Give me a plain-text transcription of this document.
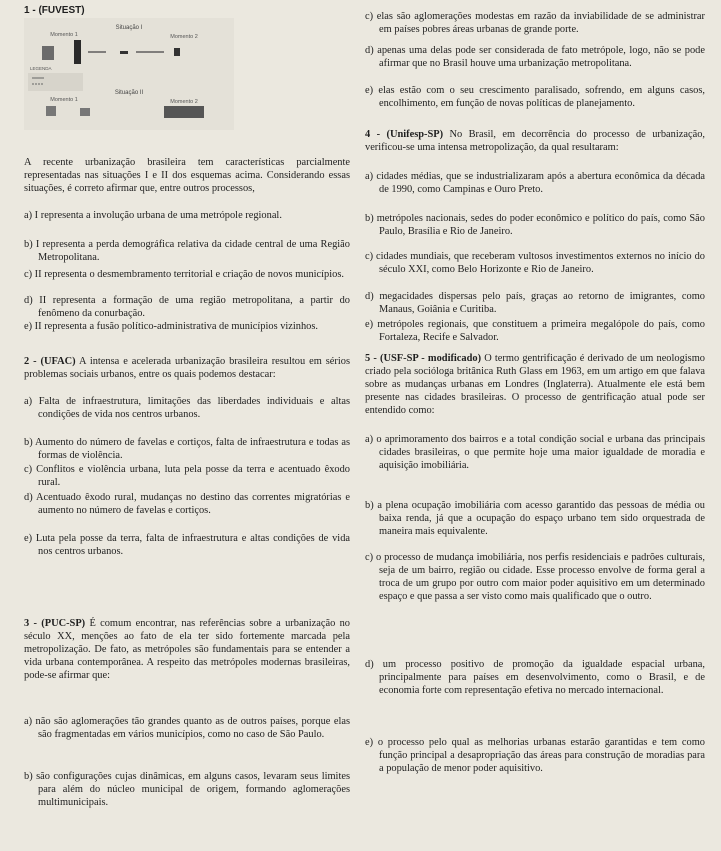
1 - (FUVEST)
Situação I
Momento 1	Momento 2
LEGENDA
Situação II
Momento 1	Momento 2
A recente urbanização brasileira tem características parcialmente representadas nas situações I e II dos esquemas acima. Considerando essas situações, é correto afirmar que, entre outros processos,
a) I representa a involução urbana de uma metrópole regional.
b) I representa a perda demográfica relativa da cidade central de uma Região Metropolitana.
c) II representa o desmembramento territorial e criação de novos municípios.
d) II representa a formação de uma região metropolitana, a partir do fenômeno da conurbação.
e) II representa a fusão político-administrativa de municípios vizinhos.
2 - (UFAC) A intensa e acelerada urbanização brasileira resultou em sérios problemas sociais urbanos, entre os quais podemos destacar:
a) Falta de infraestrutura, limitações das liberdades individuais e altas condições de vida nos centros urbanos.
b) Aumento do número de favelas e cortiços, falta de infraestrutura e todas as formas de violência.
c) Conflitos e violência urbana, luta pela posse da terra e acentuado êxodo rural.
d) Acentuado êxodo rural, mudanças no destino das correntes migratórias e aumento no número de favelas e cortiços.
e) Luta pela posse da terra, falta de infraestrutura e altas condições de vida nos centros urbanos.
3 - (PUC-SP) É comum encontrar, nas referências sobre a urbanização no século XX, menções ao fato de ela ter sido fortemente marcada pela metropolização. De fato, as metrópoles são fundamentais para se entender a vida urbana contemporânea. A respeito das metrópoles modernas brasileiras, pode-se afirmar que:
a) não são aglomerações tão grandes quanto as de outros países, porque elas são fragmentadas em vários municípios, como no caso de São Paulo.
b) são configurações cujas dinâmicas, em alguns casos, levaram seus limites para além do núcleo municipal de origem, formando aglomerações multimunicipais.
c) elas são aglomerações modestas em razão da inviabilidade de se administrar em países pobres áreas urbanas de grande porte.
d) apenas uma delas pode ser considerada de fato metrópole, logo, não se pode afirmar que no Brasil houve uma urbanização metropolitana.
e) elas estão com o seu crescimento paralisado, sofrendo, em alguns casos, encolhimento, em função de novas políticas de planejamento.
4 - (Unifesp-SP) No Brasil, em decorrência do processo de urbanização, verificou-se uma intensa metropolização, da qual resultaram:
a) cidades médias, que se industrializaram após a abertura econômica da década de 1990, como Campinas e Ouro Preto.
b) metrópoles nacionais, sedes do poder econômico e político do país, como São Paulo, Brasília e Rio de Janeiro.
c) cidades mundiais, que receberam vultosos investimentos externos no início do século XXI, como Belo Horizonte e Rio de Janeiro.
d) megacidades dispersas pelo país, graças ao retorno de imigrantes, como Manaus, Goiânia e Curitiba.
e) metrópoles regionais, que constituem a primeira megalópole do país, como Fortaleza, Recife e Salvador.
5 - (USF-SP - modificado) O termo gentrificação é derivado de um neologismo criado pela socióloga britânica Ruth Glass em 1963, em um artigo em que falava sobre as mudanças urbanas em Londres (Inglaterra). Atualmente ele está bem presente nas cidades brasileiras. O processo de gentrificação atual pode ser entendido como:
a) o aprimoramento dos bairros e a total condição social e urbana das principais cidades brasileiras, o que permite hoje uma maior igualdade de moradia e aquisição imobiliária.
b) a plena ocupação imobiliária com acesso garantido das pessoas de média ou baixa renda, já que a ocupação do espaço urbano tem sido orquestrada de maneira mais equivalente.
c) o processo de mudança imobiliária, nos perfis residenciais e padrões culturais, seja de um bairro, região ou cidade. Esse processo envolve de forma geral a troca de um grupo por outro com maior poder aquisitivo em um determinado espaço e que passa a ser visto como mais qualificado que o outro.
d) um processo positivo de promoção da igualdade espacial urbana, principalmente para países em desenvolvimento, como o Brasil, e de economia forte com representação efetiva no mercado internacional.
e) o processo pelo qual as melhorias urbanas estarão garantidas e tem como função principal a desapropriação das áreas para construção de moradias para a população de menor poder aquisitivo.
